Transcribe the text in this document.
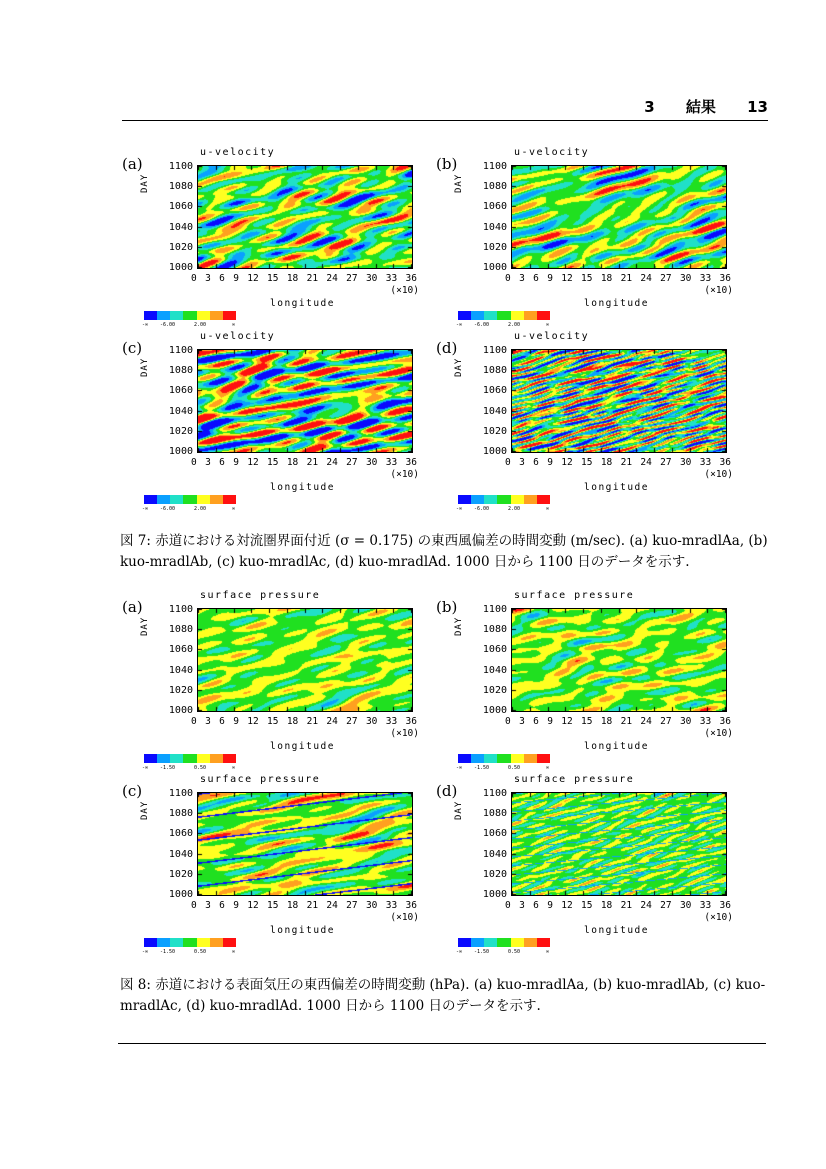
3 結果 13
(a)
u-velocity
DAY
1100
1080
1060
1040
1020
1000
0 3 6 9 12 15 18 21 24 27 30 33 36
(×10)
longitude
-∞ -6.00	2.00	∞
(b)
u-velocity
DAY
1100
1080
1060
1040
1020
1000
0 3 6 9 12 15 18 21 24 27 30 33 36
(×10)
longitude
-∞ -6.00	2.00	∞
(c)
u-velocity
DAY
1100
1080
1060
1040
1020
1000
0 3 6 9 12 15 18 21 24 27 30 33 36
(×10)
longitude
-∞ -6.00	2.00	∞
(d)
u-velocity
DAY
1100
1080
1060
1040
1020
1000
0 3 6 9 12 15 18 21 24 27 30 33 36
(×10)
longitude
-∞ -6.00	2.00	∞
図 7: 赤道における対流圏界面付近 (σ = 0.175) の東西風偏差の時間変動 (m/sec). (a) kuo-mradlAa, (b) kuo-mradlAb, (c) kuo-mradlAc, (d) kuo-mradlAd. 1000 日から 1100 日のデータを示す.
(a)
surface pressure
DAY
1100
1080
1060
1040
1020
1000
0 3 6 9 12 15 18 21 24 27 30 33 36
(×10)
longitude
-∞ -1.50	0.50	∞
(b)
surface pressure
DAY
1100
1080
1060
1040
1020
1000
0 3 6 9 12 15 18 21 24 27 30 33 36
(×10)
longitude
-∞ -1.50	0.50	∞
(c)
surface pressure
DAY
1100
1080
1060
1040
1020
1000
0 3 6 9 12 15 18 21 24 27 30 33 36
(×10)
longitude
-∞ -1.50	0.50	∞
(d)
surface pressure
DAY
1100
1080
1060
1040
1020
1000
0 3 6 9 12 15 18 21 24 27 30 33 36
(×10)
longitude
-∞ -1.50	0.50	∞
図 8: 赤道における表面気圧の東西偏差の時間変動 (hPa). (a) kuo-mradlAa, (b) kuo-mradlAb, (c) kuo-mradlAc, (d) kuo-mradlAd. 1000 日から 1100 日のデータを示す.
